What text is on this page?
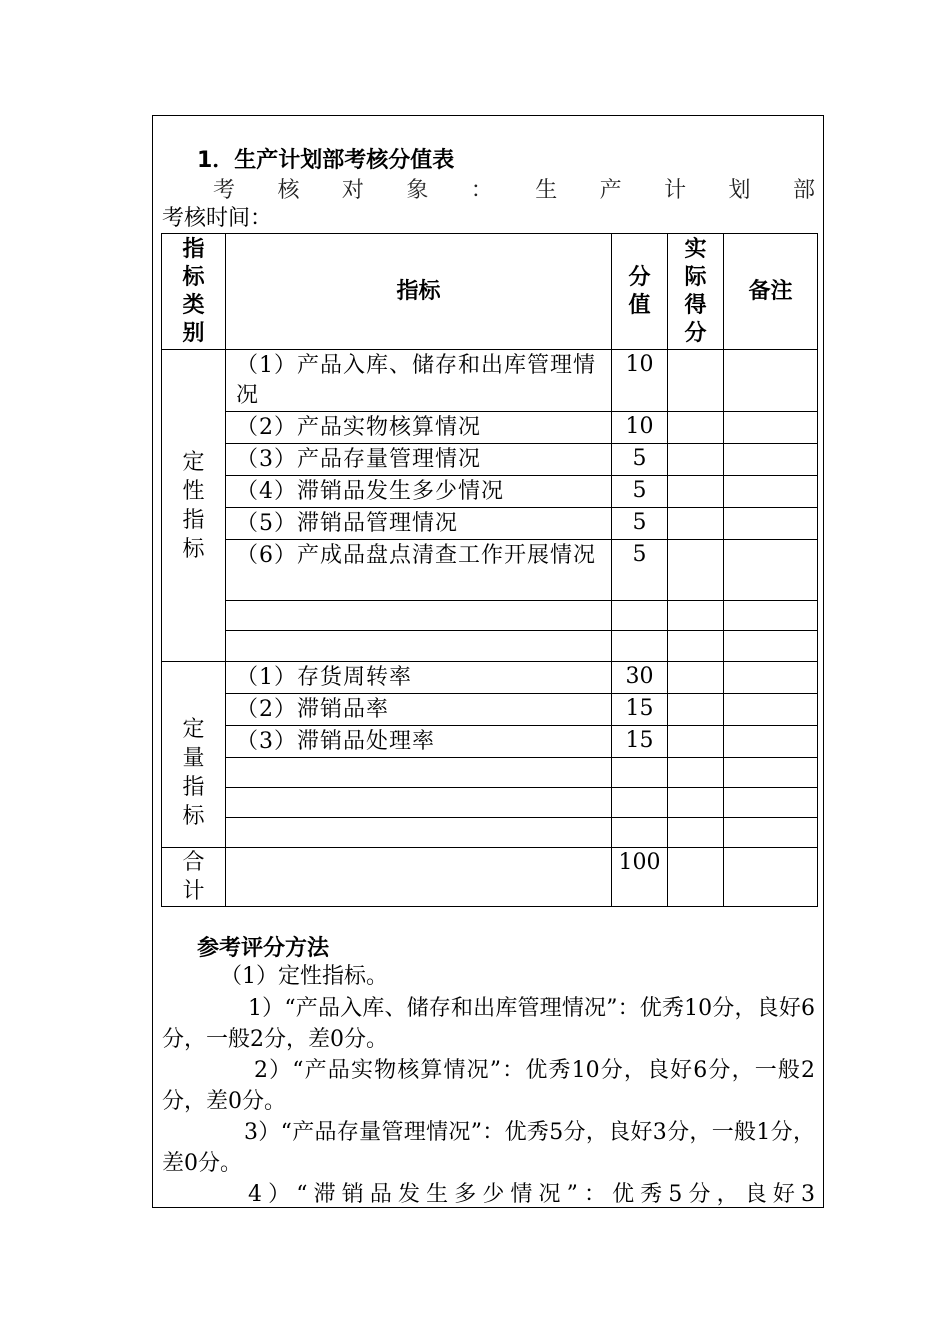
1．生产计划部考核分值表
考 核 对 象 ： 生 产 计 划 部
考核时间：
指标类别	指标	分值	实际得分	备注

定性指标	（1）产品入库、储存和出库管理情况	10		
	（2）产品实物核算情况	10		
	（3）产品存量管理情况	5		
	（4）滞销品发生多少情况	5		
	（5）滞销品管理情况	5		
	（6）产成品盘点清查工作开展情况	5		

定量指标	（1）存货周转率	30		
	（2）滞销品率	15		
	（3）滞销品处理率	15		

合计		100		
参考评分方法
（1）定性指标。
1）“产品入库、储存和出库管理情况”：优秀10分，良好6分，一般2分，差0分。
2）“产品实物核算情况”：优秀10分，良好6分，一般2分，差0分。
3）“产品存量管理情况”：优秀5分，良好3分，一般1分，差0分。
4）“滞销品发生多少情况”：优秀5分，良好3
